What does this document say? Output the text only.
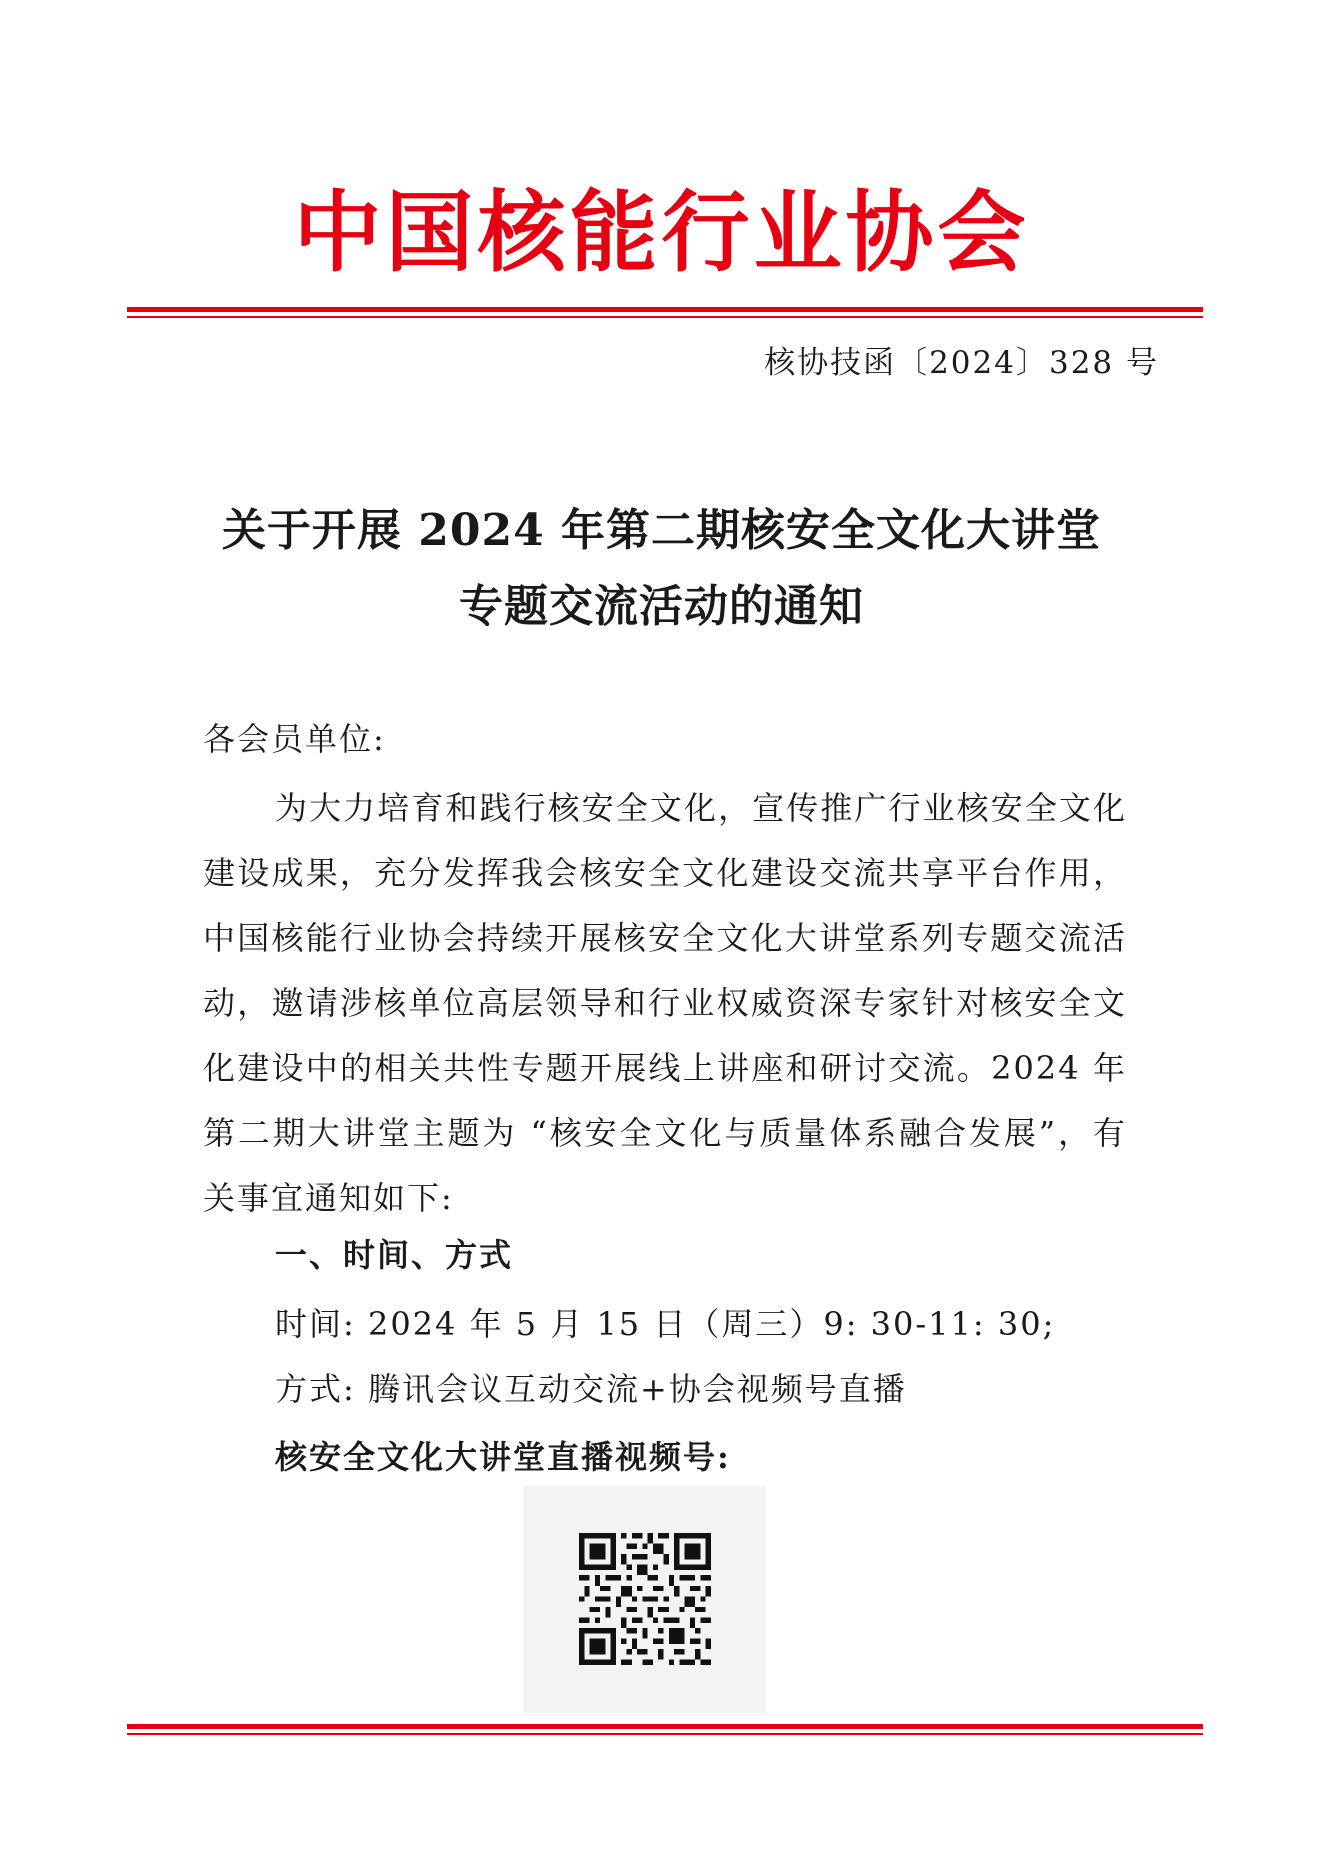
中国核能行业协会
核协技函〔2024〕328 号
关于开展 2024 年第二期核安全文化大讲堂
专题交流活动的通知
各会员单位:
为大力培育和践行核安全文化，宣传推广行业核安全文化建设成果，充分发挥我会核安全文化建设交流共享平台作用，中国核能行业协会持续开展核安全文化大讲堂系列专题交流活动，邀请涉核单位高层领导和行业权威资深专家针对核安全文化建设中的相关共性专题开展线上讲座和研讨交流。2024 年第二期大讲堂主题为 “核安全文化与质量体系融合发展”，有关事宜通知如下:
一、时间、方式
时间: 2024 年 5 月 15 日（周三）9: 30-11: 30;
方式: 腾讯会议互动交流+协会视频号直播
核安全文化大讲堂直播视频号:
